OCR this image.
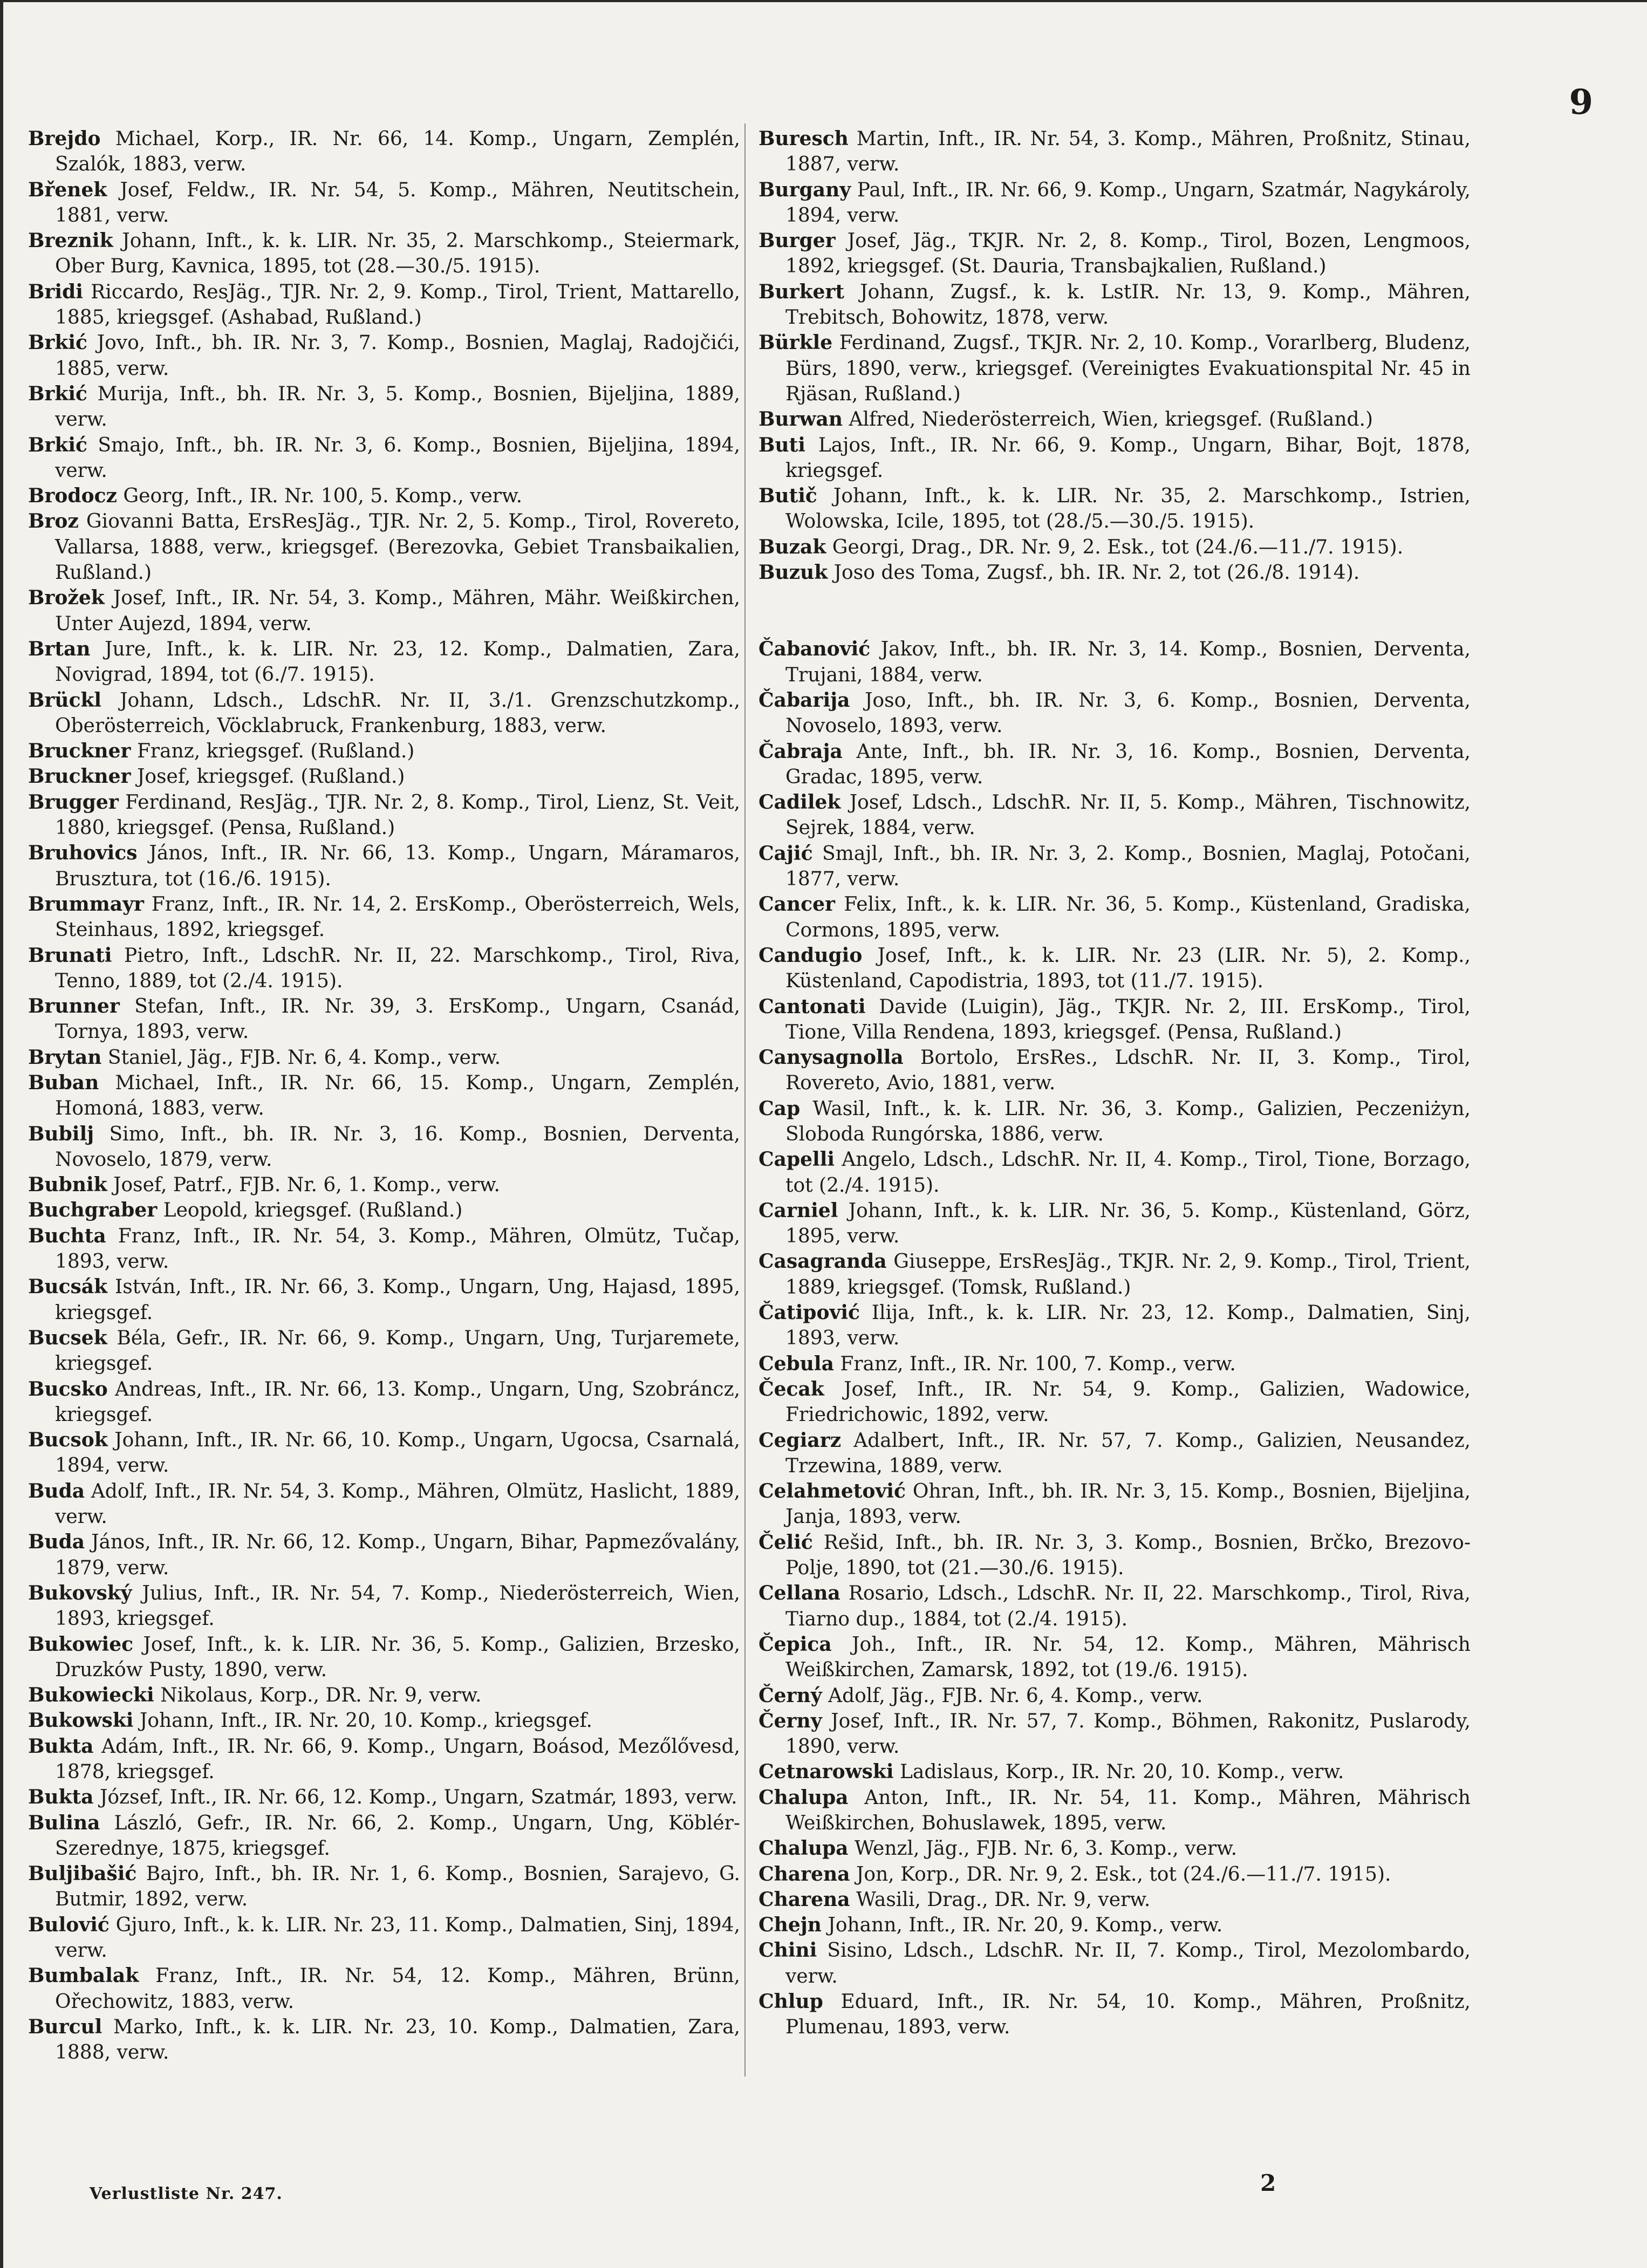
9

Brejdo Michael, Korp., IR. Nr. 66, 14. Komp., Ungarn, Zemplén, Szalók, 1883, verw.

Břenek Josef, Feldw., IR. Nr. 54, 5. Komp., Mähren, Neutitschein, 1881, verw.

Breznik Johann, Inft., k. k. LIR. Nr. 35, 2. Marschkomp., Steiermark, Ober Burg, Kavnica, 1895, tot (28.—30./5. 1915).

Bridi Riccardo, ResJäg., TJR. Nr. 2, 9. Komp., Tirol, Trient, Mattarello, 1885, kriegsgef. (Ashabad, Rußland.)

Brkić Jovo, Inft., bh. IR. Nr. 3, 7. Komp., Bosnien, Maglaj, Radojčići, 1885, verw.

Brkić Murija, Inft., bh. IR. Nr. 3, 5. Komp., Bosnien, Bijeljina, 1889, verw.

Brkić Smajo, Inft., bh. IR. Nr. 3, 6. Komp., Bosnien, Bijeljina, 1894, verw.

Brodocz Georg, Inft., IR. Nr. 100, 5. Komp., verw.

Broz Giovanni Batta, ErsResJäg., TJR. Nr. 2, 5. Komp., Tirol, Rovereto, Vallarsa, 1888, verw., kriegsgef. (Berezovka, Gebiet Transbaikalien, Rußland.)

Brožek Josef, Inft., IR. Nr. 54, 3. Komp., Mähren, Mähr. Weißkirchen, Unter Aujezd, 1894, verw.

Brtan Jure, Inft., k. k. LIR. Nr. 23, 12. Komp., Dalmatien, Zara, Novigrad, 1894, tot (6./7. 1915).

Brückl Johann, Ldsch., LdschR. Nr. II, 3./1. Grenzschutzkomp., Oberösterreich, Vöcklabruck, Frankenburg, 1883, verw.

Bruckner Franz, kriegsgef. (Rußland.)

Bruckner Josef, kriegsgef. (Rußland.)

Brugger Ferdinand, ResJäg., TJR. Nr. 2, 8. Komp., Tirol, Lienz, St. Veit, 1880, kriegsgef. (Pensa, Rußland.)

Bruhovics János, Inft., IR. Nr. 66, 13. Komp., Ungarn, Máramaros, Brusztura, tot (16./6. 1915).

Brummayr Franz, Inft., IR. Nr. 14, 2. ErsKomp., Oberösterreich, Wels, Steinhaus, 1892, kriegsgef.

Brunati Pietro, Inft., LdschR. Nr. II, 22. Marschkomp., Tirol, Riva, Tenno, 1889, tot (2./4. 1915).

Brunner Stefan, Inft., IR. Nr. 39, 3. ErsKomp., Ungarn, Csanád, Tornya, 1893, verw.

Brytan Staniel, Jäg., FJB. Nr. 6, 4. Komp., verw.

Buban Michael, Inft., IR. Nr. 66, 15. Komp., Ungarn, Zemplén, Homoná, 1883, verw.

Bubilj Simo, Inft., bh. IR. Nr. 3, 16. Komp., Bosnien, Derventa, Novoselo, 1879, verw.

Bubnik Josef, Patrf., FJB. Nr. 6, 1. Komp., verw.

Buchgraber Leopold, kriegsgef. (Rußland.)

Buchta Franz, Inft., IR. Nr. 54, 3. Komp., Mähren, Olmütz, Tučap, 1893, verw.

Bucsák István, Inft., IR. Nr. 66, 3. Komp., Ungarn, Ung, Hajasd, 1895, kriegsgef.

Bucsek Béla, Gefr., IR. Nr. 66, 9. Komp., Ungarn, Ung, Turjaremete, kriegsgef.

Bucsko Andreas, Inft., IR. Nr. 66, 13. Komp., Ungarn, Ung, Szobráncz, kriegsgef.

Bucsok Johann, Inft., IR. Nr. 66, 10. Komp., Ungarn, Ugocsa, Csarnalá, 1894, verw.

Buda Adolf, Inft., IR. Nr. 54, 3. Komp., Mähren, Olmütz, Haslicht, 1889, verw.

Buda János, Inft., IR. Nr. 66, 12. Komp., Ungarn, Bihar, Papmezővalány, 1879, verw.

Bukovský Julius, Inft., IR. Nr. 54, 7. Komp., Niederösterreich, Wien, 1893, kriegsgef.

Bukowiec Josef, Inft., k. k. LIR. Nr. 36, 5. Komp., Galizien, Brzesko, Druzków Pusty, 1890, verw.

Bukowiecki Nikolaus, Korp., DR. Nr. 9, verw.

Bukowski Johann, Inft., IR. Nr. 20, 10. Komp., kriegsgef.

Bukta Adám, Inft., IR. Nr. 66, 9. Komp., Ungarn, Boásod, Mezőlővesd, 1878, kriegsgef.

Bukta József, Inft., IR. Nr. 66, 12. Komp., Ungarn, Szatmár, 1893, verw.

Bulina László, Gefr., IR. Nr. 66, 2. Komp., Ungarn, Ung, Köblér-Szerednye, 1875, kriegsgef.

Buljibašić Bajro, Inft., bh. IR. Nr. 1, 6. Komp., Bosnien, Sarajevo, G. Butmir, 1892, verw.

Bulović Gjuro, Inft., k. k. LIR. Nr. 23, 11. Komp., Dalmatien, Sinj, 1894, verw.

Bumbalak Franz, Inft., IR. Nr. 54, 12. Komp., Mähren, Brünn, Ořechowitz, 1883, verw.

Burcul Marko, Inft., k. k. LIR. Nr. 23, 10. Komp., Dalmatien, Zara, 1888, verw.

Buresch Martin, Inft., IR. Nr. 54, 3. Komp., Mähren, Proßnitz, Stinau, 1887, verw.

Burgany Paul, Inft., IR. Nr. 66, 9. Komp., Ungarn, Szatmár, Nagykároly, 1894, verw.

Burger Josef, Jäg., TKJR. Nr. 2, 8. Komp., Tirol, Bozen, Lengmoos, 1892, kriegsgef. (St. Dauria, Transbajkalien, Rußland.)

Burkert Johann, Zugsf., k. k. LstIR. Nr. 13, 9. Komp., Mähren, Trebitsch, Bohowitz, 1878, verw.

Bürkle Ferdinand, Zugsf., TKJR. Nr. 2, 10. Komp., Vorarlberg, Bludenz, Bürs, 1890, verw., kriegsgef. (Vereinigtes Evakuationspital Nr. 45 in Rjäsan, Rußland.)

Burwan Alfred, Niederösterreich, Wien, kriegsgef. (Rußland.)

Buti Lajos, Inft., IR. Nr. 66, 9. Komp., Ungarn, Bihar, Bojt, 1878, kriegsgef.

Butič Johann, Inft., k. k. LIR. Nr. 35, 2. Marschkomp., Istrien, Wolowska, Icile, 1895, tot (28./5.—30./5. 1915).

Buzak Georgi, Drag., DR. Nr. 9, 2. Esk., tot (24./6.—11./7. 1915).

Buzuk Joso des Toma, Zugsf., bh. IR. Nr. 2, tot (26./8. 1914).

Čabanović Jakov, Inft., bh. IR. Nr. 3, 14. Komp., Bosnien, Derventa, Trujani, 1884, verw.

Čabarija Joso, Inft., bh. IR. Nr. 3, 6. Komp., Bosnien, Derventa, Novoselo, 1893, verw.

Čabraja Ante, Inft., bh. IR. Nr. 3, 16. Komp., Bosnien, Derventa, Gradac, 1895, verw.

Cadilek Josef, Ldsch., LdschR. Nr. II, 5. Komp., Mähren, Tischnowitz, Sejrek, 1884, verw.

Cajić Smajl, Inft., bh. IR. Nr. 3, 2. Komp., Bosnien, Maglaj, Potočani, 1877, verw.

Cancer Felix, Inft., k. k. LIR. Nr. 36, 5. Komp., Küstenland, Gradiska, Cormons, 1895, verw.

Candugio Josef, Inft., k. k. LIR. Nr. 23 (LIR. Nr. 5), 2. Komp., Küstenland, Capodistria, 1893, tot (11./7. 1915).

Cantonati Davide (Luigin), Jäg., TKJR. Nr. 2, III. ErsKomp., Tirol, Tione, Villa Rendena, 1893, kriegsgef. (Pensa, Rußland.)

Canysagnolla Bortolo, ErsRes., LdschR. Nr. II, 3. Komp., Tirol, Rovereto, Avio, 1881, verw.

Cap Wasil, Inft., k. k. LIR. Nr. 36, 3. Komp., Galizien, Peczeniżyn, Sloboda Rungórska, 1886, verw.

Capelli Angelo, Ldsch., LdschR. Nr. II, 4. Komp., Tirol, Tione, Borzago, tot (2./4. 1915).

Carniel Johann, Inft., k. k. LIR. Nr. 36, 5. Komp., Küstenland, Görz, 1895, verw.

Casagranda Giuseppe, ErsResJäg., TKJR. Nr. 2, 9. Komp., Tirol, Trient, 1889, kriegsgef. (Tomsk, Rußland.)

Čatipović Ilija, Inft., k. k. LIR. Nr. 23, 12. Komp., Dalmatien, Sinj, 1893, verw.

Cebula Franz, Inft., IR. Nr. 100, 7. Komp., verw.

Čecak Josef, Inft., IR. Nr. 54, 9. Komp., Galizien, Wadowice, Friedrichowic, 1892, verw.

Cegiarz Adalbert, Inft., IR. Nr. 57, 7. Komp., Galizien, Neusandez, Trzewina, 1889, verw.

Celahmetović Ohran, Inft., bh. IR. Nr. 3, 15. Komp., Bosnien, Bijeljina, Janja, 1893, verw.

Čelić Rešid, Inft., bh. IR. Nr. 3, 3. Komp., Bosnien, Brčko, Brezovo-Polje, 1890, tot (21.—30./6. 1915).

Cellana Rosario, Ldsch., LdschR. Nr. II, 22. Marschkomp., Tirol, Riva, Tiarno dup., 1884, tot (2./4. 1915).

Čepica Joh., Inft., IR. Nr. 54, 12. Komp., Mähren, Mährisch Weißkirchen, Zamarsk, 1892, tot (19./6. 1915).

Černý Adolf, Jäg., FJB. Nr. 6, 4. Komp., verw.

Černy Josef, Inft., IR. Nr. 57, 7. Komp., Böhmen, Rakonitz, Puslarody, 1890, verw.

Cetnarowski Ladislaus, Korp., IR. Nr. 20, 10. Komp., verw.

Chalupa Anton, Inft., IR. Nr. 54, 11. Komp., Mähren, Mährisch Weißkirchen, Bohuslawek, 1895, verw.

Chalupa Wenzl, Jäg., FJB. Nr. 6, 3. Komp., verw.

Charena Jon, Korp., DR. Nr. 9, 2. Esk., tot (24./6.—11./7. 1915).

Charena Wasili, Drag., DR. Nr. 9, verw.

Chejn Johann, Inft., IR. Nr. 20, 9. Komp., verw.

Chini Sisino, Ldsch., LdschR. Nr. II, 7. Komp., Tirol, Mezolombardo, verw.

Chlup Eduard, Inft., IR. Nr. 54, 10. Komp., Mähren, Proßnitz, Plumenau, 1893, verw.

Verlustliste Nr. 247.	2
